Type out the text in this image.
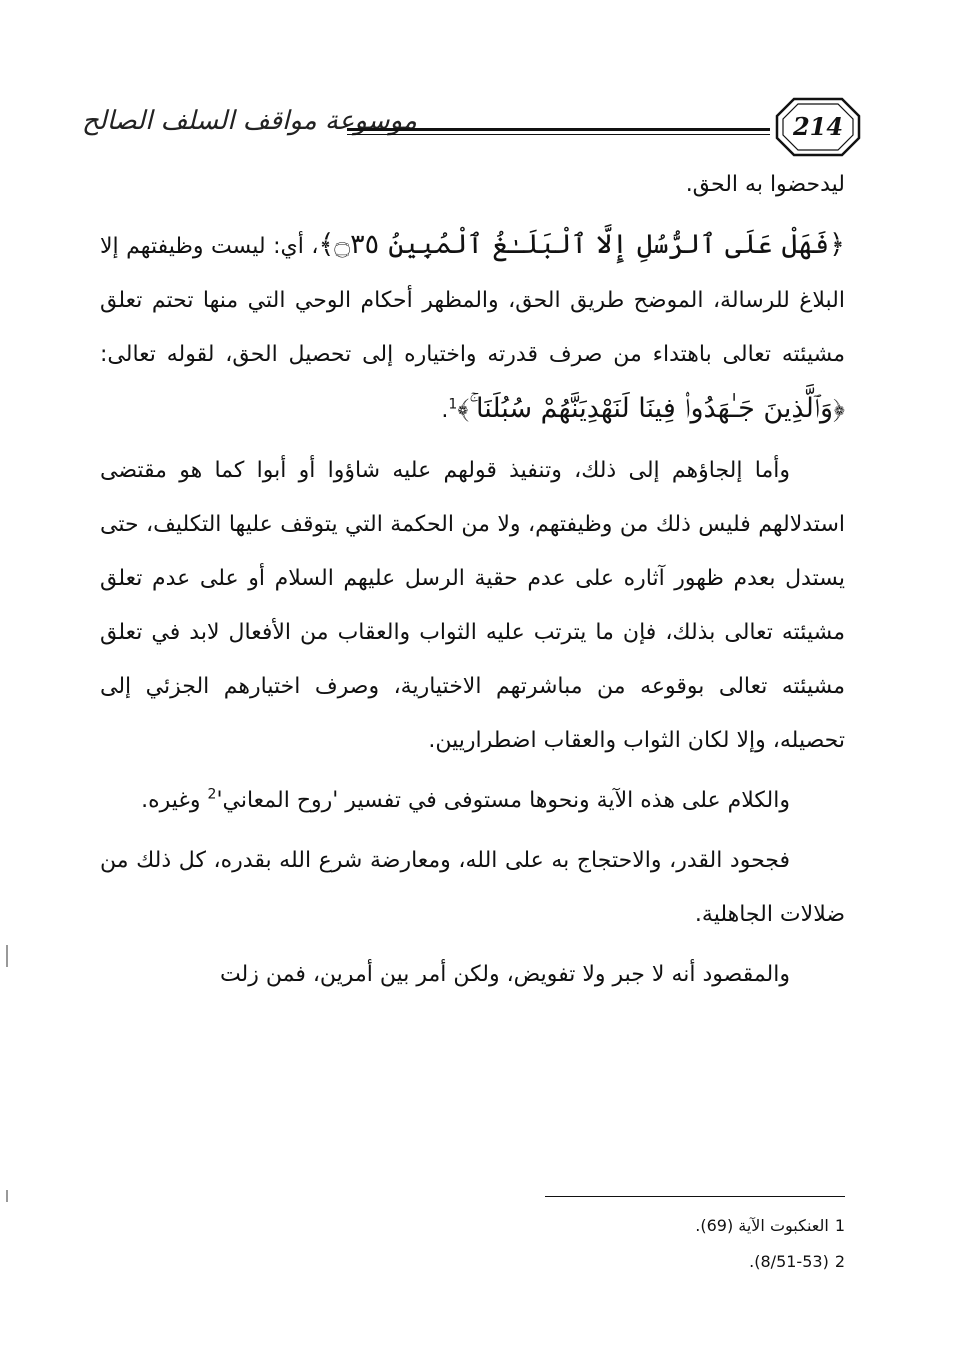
موسوعة مواقف السلف الصالح	214

ليدحضوا به الحق.

﴿فَهَلْ عَلَى ٱلرُّسُلِ إِلَّا ٱلْبَلَـٰغُ ٱلْمُبِينُ ۝٣٥﴾، أي: ليست وظيفتهم إلا البلاغ للرسالة، الموضح طريق الحق، والمظهر أحكام الوحي التي منها تحتم تعلق مشيئته تعالى باهتداء من صرف قدرته واختياره إلى تحصيل الحق، لقوله تعالى: ﴿وَٱلَّذِينَ جَـٰهَدُوا۟ فِينَا لَنَهْدِيَنَّهُمْ سُبُلَنَا ۚ﴾$^1$.

وأما إلجاؤهم إلى ذلك، وتنفيذ قولهم عليه شاؤوا أو أبوا كما هو مقتضى استدلالهم فليس ذلك من وظيفتهم، ولا من الحكمة التي يتوقف عليها التكليف، حتى يستدل بعدم ظهور آثاره على عدم حقية الرسل عليهم السلام أو على عدم تعلق مشيئته تعالى بذلك، فإن ما يترتب عليه الثواب والعقاب من الأفعال لابد في تعلق مشيئته تعالى بوقوعه من مباشرتهم الاختيارية، وصرف اختيارهم الجزئي إلى تحصيله، وإلا لكان الثواب والعقاب اضطراريين.

والكلام على هذه الآية ونحوها مستوفى في تفسير 'روح $المعاني'^2$ وغيره.

فجحود القدر، والاحتجاج به على الله، ومعارضة شرع الله بقدره، كل ذلك من ضلالات الجاهلية.

والمقصود أنه لا جبر ولا تفويض، ولكن أمر بين أمرين، فمن زلت

1العنكبوت الآية (69).
2(8/51-53).
